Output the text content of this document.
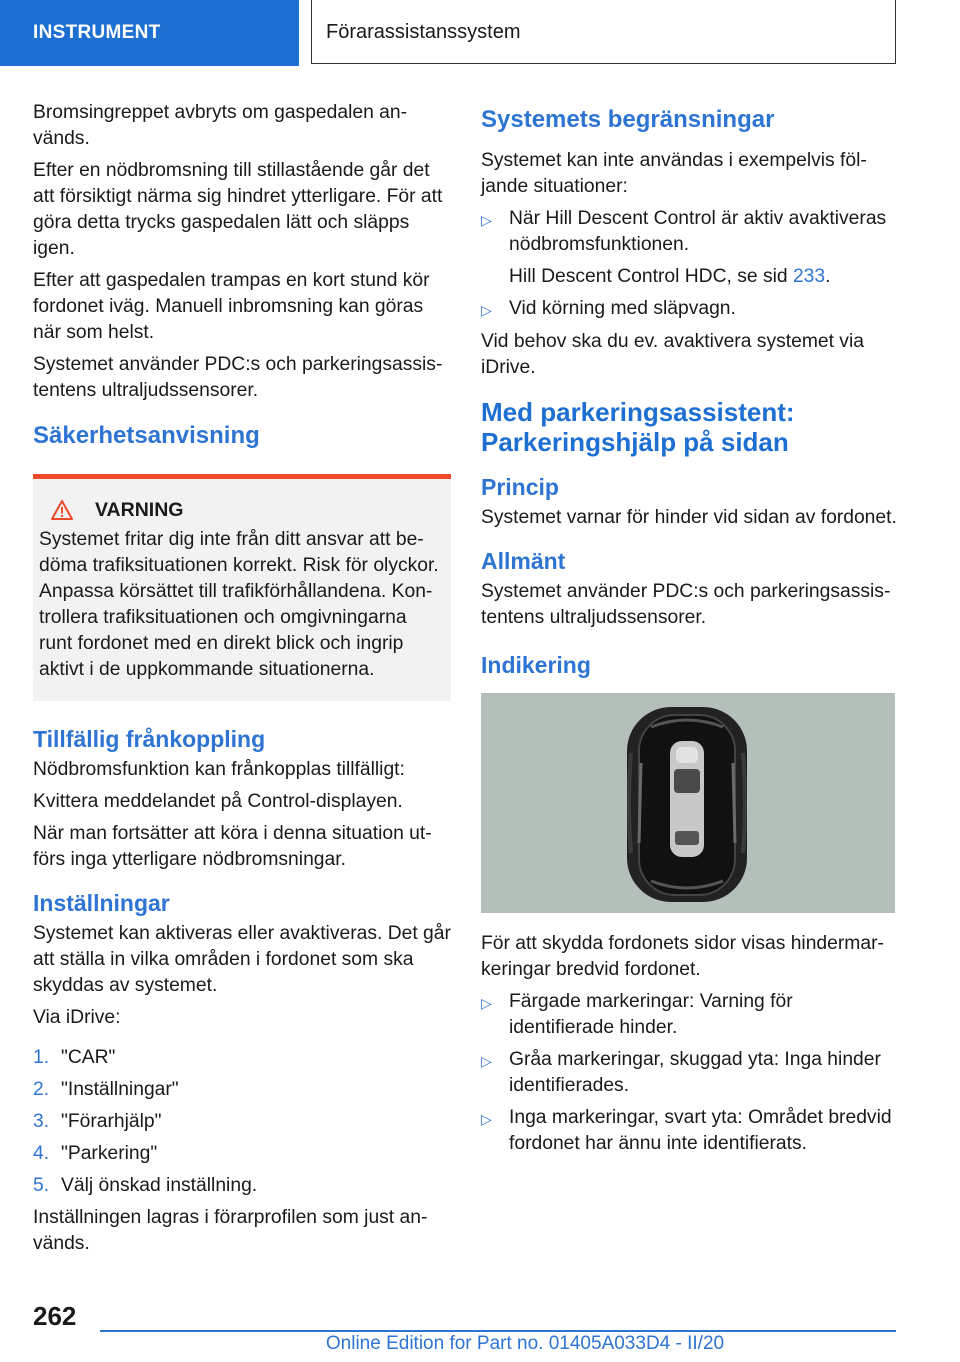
INSTRUMENT	Förarassistanssystem

Bromsingreppet avbryts om gaspedalen an-vänds.

Efter en nödbromsning till stillastående går det att försiktigt närma sig hindret ytterligare. För att göra detta trycks gaspedalen lätt och släpps igen.

Efter att gaspedalen trampas en kort stund kör fordonet iväg. Manuell inbromsning kan göras när som helst.

Systemet använder PDC:s och parkeringsassis-tentens ultraljudssensorer.

Säkerhetsanvisning
VARNING
Systemet fritar dig inte från ditt ansvar att be-döma trafiksituationen korrekt. Risk för olyckor. Anpassa körsättet till trafikförhållandena. Kon-trollera trafiksituationen och omgivningarna runt fordonet med en direkt blick och ingrip aktivt i de uppkommande situationerna.
Tillfällig frånkoppling

Nödbromsfunktion kan frånkopplas tillfälligt:

Kvittera meddelandet på Control-displayen.

När man fortsätter att köra i denna situation ut-förs inga ytterligare nödbromsningar.

Inställningar

Systemet kan aktiveras eller avaktiveras. Det går att ställa in vilka områden i fordonet som ska skyddas av systemet.

Via iDrive:

1. "CAR"
2. "Inställningar"
3. "Förarhjälp"
4. "Parkering"
5. Välj önskad inställning.

Inställningen lagras i förarprofilen som just an-vänds.

Systemets begränsningar

Systemet kan inte användas i exempelvis föl-jande situationer:

▷ När Hill Descent Control är aktiv avaktiveras nödbromsfunktionen.
Hill Descent Control HDC, se sid 233.
▷ Vid körning med släpvagn.

Vid behov ska du ev. avaktivera systemet via iDrive.

Med parkeringsassistent: Parkeringshjälp på sidan
Princip

Systemet varnar för hinder vid sidan av fordonet.

Allmänt

Systemet använder PDC:s och parkeringsassis-tentens ultraljudssensorer.

Indikering

För att skydda fordonets sidor visas hindermar-keringar bredvid fordonet.

▷ Färgade markeringar: Varning för identifierade hinder.
▷ Gråa markeringar, skuggad yta: Inga hinder identifierades.
▷ Inga markeringar, svart yta: Området bredvid fordonet har ännu inte identifierats.
262
Online Edition for Part no. 01405A033D4 - II/20
